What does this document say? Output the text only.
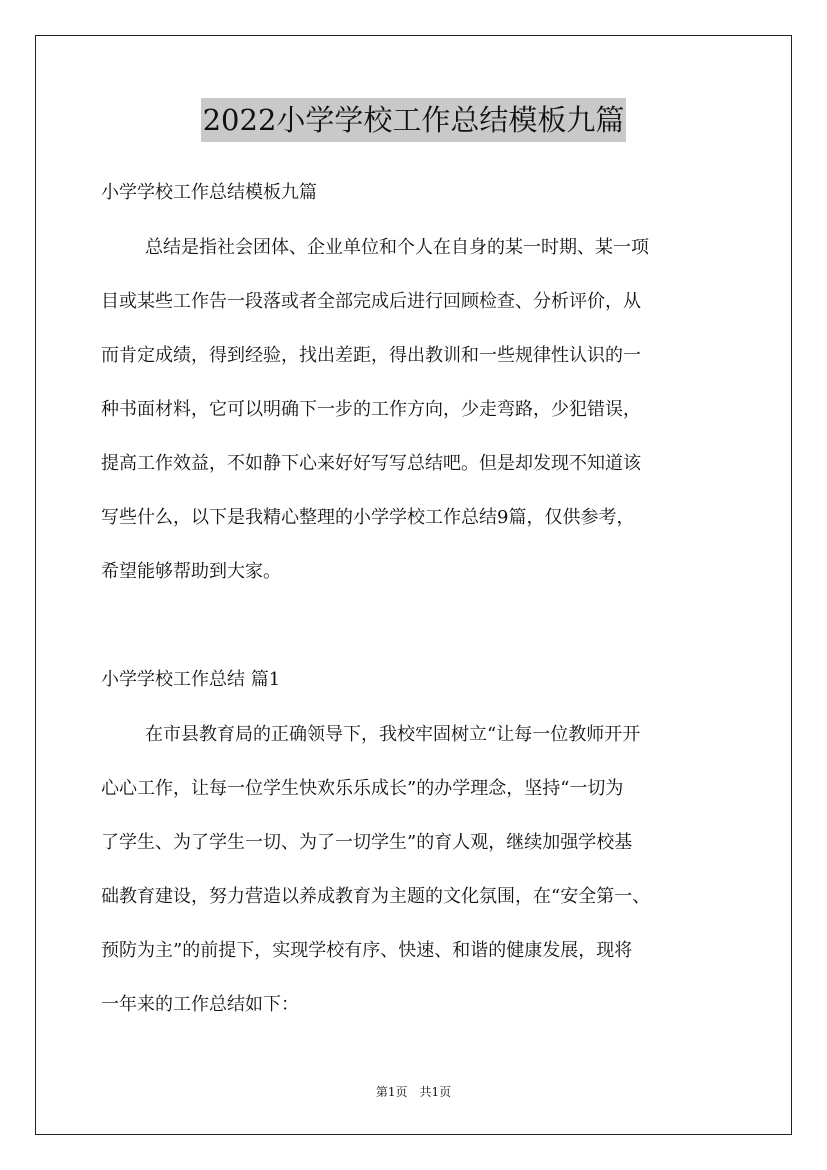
2022小学学校工作总结模板九篇
小学学校工作总结模板九篇
总结是指社会团体、企业单位和个人在自身的某一时期、某一项
目或某些工作告一段落或者全部完成后进行回顾检查、分析评价，从
而肯定成绩，得到经验，找出差距，得出教训和一些规律性认识的一
种书面材料，它可以明确下一步的工作方向，少走弯路，少犯错误，
提高工作效益，不如静下心来好好写写总结吧。但是却发现不知道该
写些什么，以下是我精心整理的小学学校工作总结9篇，仅供参考，
希望能够帮助到大家。
小学学校工作总结 篇1
在市县教育局的正确领导下，我校牢固树立“让每一位教师开开
心心工作，让每一位学生快欢乐乐成长”的办学理念，坚持“一切为
了学生、为了学生一切、为了一切学生”的育人观，继续加强学校基
础教育建设，努力营造以养成教育为主题的文化氛围，在“安全第一、
预防为主”的前提下，实现学校有序、快速、和谐的健康发展，现将
一年来的工作总结如下：
第1页　共1页
